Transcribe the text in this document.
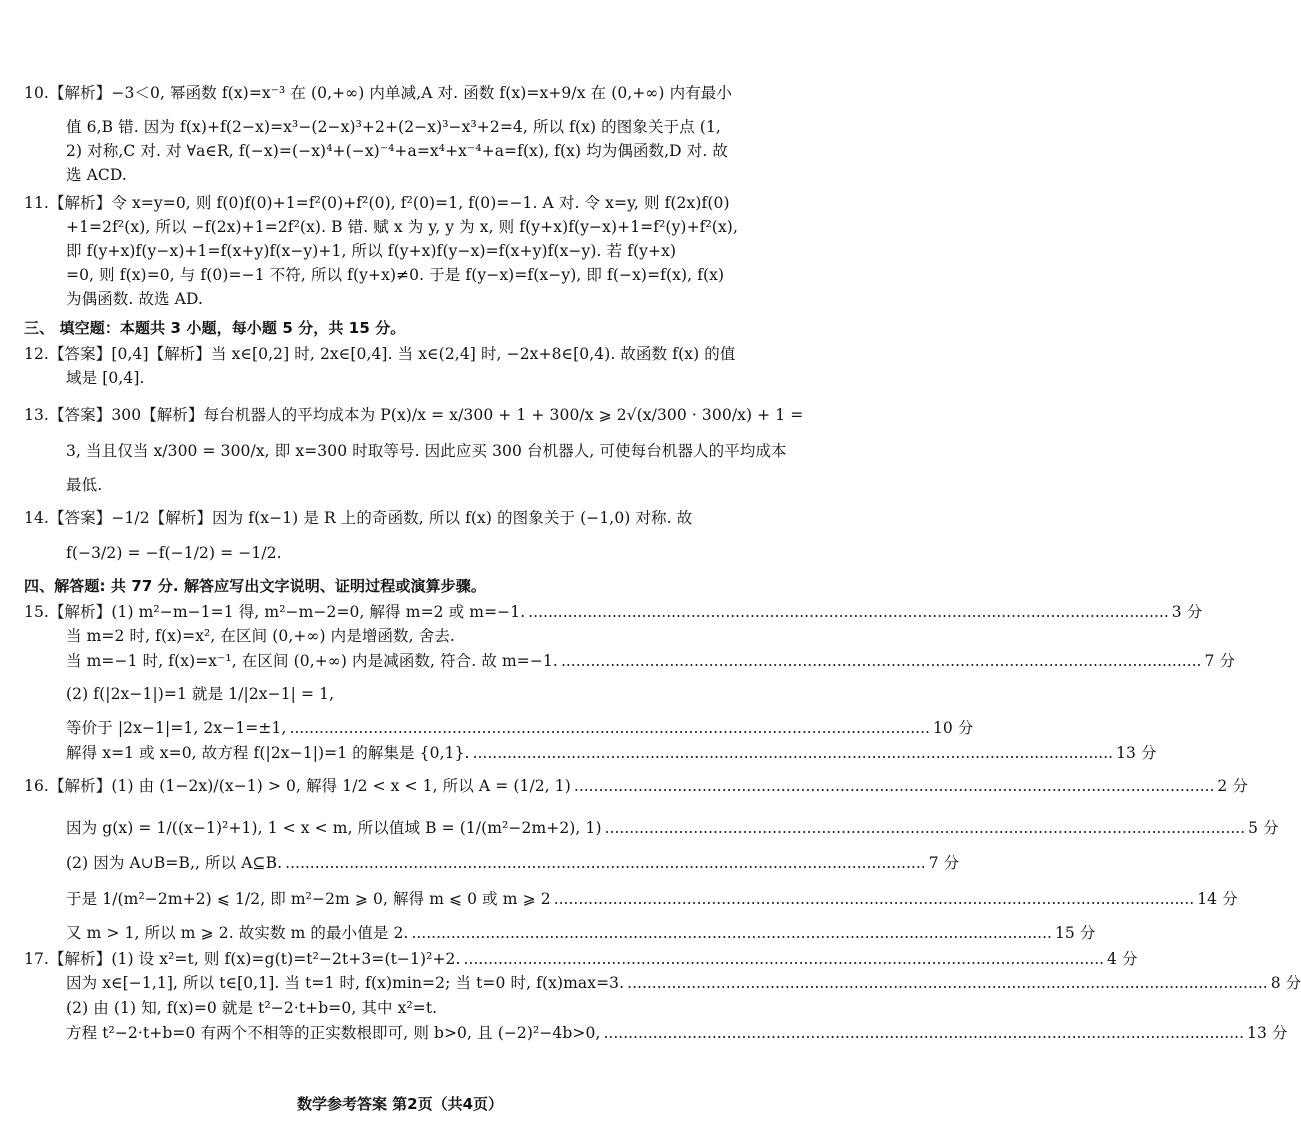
10.【解析】−3＜0, 幂函数 f(x)=x⁻³ 在 (0,+∞) 内单减,A 对. 函数 f(x)=x+9/x 在 (0,+∞) 内有最小
值 6,B 错. 因为 f(x)+f(2−x)=x³−(2−x)³+2+(2−x)³−x³+2=4, 所以 f(x) 的图象关于点 (1,
2) 对称,C 对. 对 ∀a∈R, f(−x)=(−x)⁴+(−x)⁻⁴+a=x⁴+x⁻⁴+a=f(x), f(x) 均为偶函数,D 对. 故
选 ACD.
11.【解析】令 x=y=0, 则 f(0)f(0)+1=f²(0)+f²(0), f²(0)=1, f(0)=−1. A 对. 令 x=y, 则 f(2x)f(0)
+1=2f²(x), 所以 −f(2x)+1=2f²(x). B 错. 赋 x 为 y, y 为 x, 则 f(y+x)f(y−x)+1=f²(y)+f²(x),
即 f(y+x)f(y−x)+1=f(x+y)f(x−y)+1, 所以 f(y+x)f(y−x)=f(x+y)f(x−y). 若 f(y+x)
=0, 则 f(x)=0, 与 f(0)=−1 不符, 所以 f(y+x)≠0. 于是 f(y−x)=f(x−y), 即 f(−x)=f(x), f(x)
为偶函数. 故选 AD.
三、 填空题：本题共 3 小题，每小题 5 分，共 15 分。
12.【答案】[0,4]【解析】当 x∈[0,2] 时, 2x∈[0,4]. 当 x∈(2,4] 时, −2x+8∈[0,4). 故函数 f(x) 的值
域是 [0,4].
13.【答案】300【解析】每台机器人的平均成本为 P(x)/x = x/300 + 1 + 300/x ⩾ 2√(x/300 · 300/x) + 1 =
3, 当且仅当 x/300 = 300/x, 即 x=300 时取等号. 因此应买 300 台机器人, 可使每台机器人的平均成本
最低.
14.【答案】−1/2【解析】因为 f(x−1) 是 R 上的奇函数, 所以 f(x) 的图象关于 (−1,0) 对称. 故
f(−3/2) = −f(−1/2) = −1/2.
四、解答题: 共 77 分. 解答应写出文字说明、证明过程或演算步骤。
15.【解析】(1) m²−m−1=1 得, m²−m−2=0, 解得 m=2 或 m=−1. .................................................................................................................................. 3 分
当 m=2 时, f(x)=x², 在区间 (0,+∞) 内是增函数, 舍去.
当 m=−1 时, f(x)=x⁻¹, 在区间 (0,+∞) 内是减函数, 符合. 故 m=−1. .................................................................................................................................. 7 分
(2) f(|2x−1|)=1 就是 1/|2x−1| = 1,
等价于 |2x−1|=1, 2x−1=±1, .................................................................................................................................. 10 分
解得 x=1 或 x=0, 故方程 f(|2x−1|)=1 的解集是 {0,1}. .................................................................................................................................. 13 分
16.【解析】(1) 由 (1−2x)/(x−1) > 0, 解得 1/2 < x < 1, 所以 A = (1/2, 1) .................................................................................................................................. 2 分
因为 g(x) = 1/((x−1)²+1), 1 < x < m, 所以值域 B = (1/(m²−2m+2), 1) .................................................................................................................................. 5 分
(2) 因为 A∪B=B,, 所以 A⊆B. .................................................................................................................................. 7 分
于是 1/(m²−2m+2) ⩽ 1/2, 即 m²−2m ⩾ 0, 解得 m ⩽ 0 或 m ⩾ 2 .................................................................................................................................. 14 分
又 m > 1, 所以 m ⩾ 2. 故实数 m 的最小值是 2. .................................................................................................................................. 15 分
17.【解析】(1) 设 x²=t, 则 f(x)=g(t)=t²−2t+3=(t−1)²+2. .................................................................................................................................. 4 分
因为 x∈[−1,1], 所以 t∈[0,1]. 当 t=1 时, f(x)min=2; 当 t=0 时, f(x)max=3. .................................................................................................................................. 8 分
(2) 由 (1) 知, f(x)=0 就是 t²−2·t+b=0, 其中 x²=t.
方程 t²−2·t+b=0 有两个不相等的正实数根即可, 则 b>0, 且 (−2)²−4b>0, .................................................................................................................................. 13 分
数学参考答案 第2页（共4页）
